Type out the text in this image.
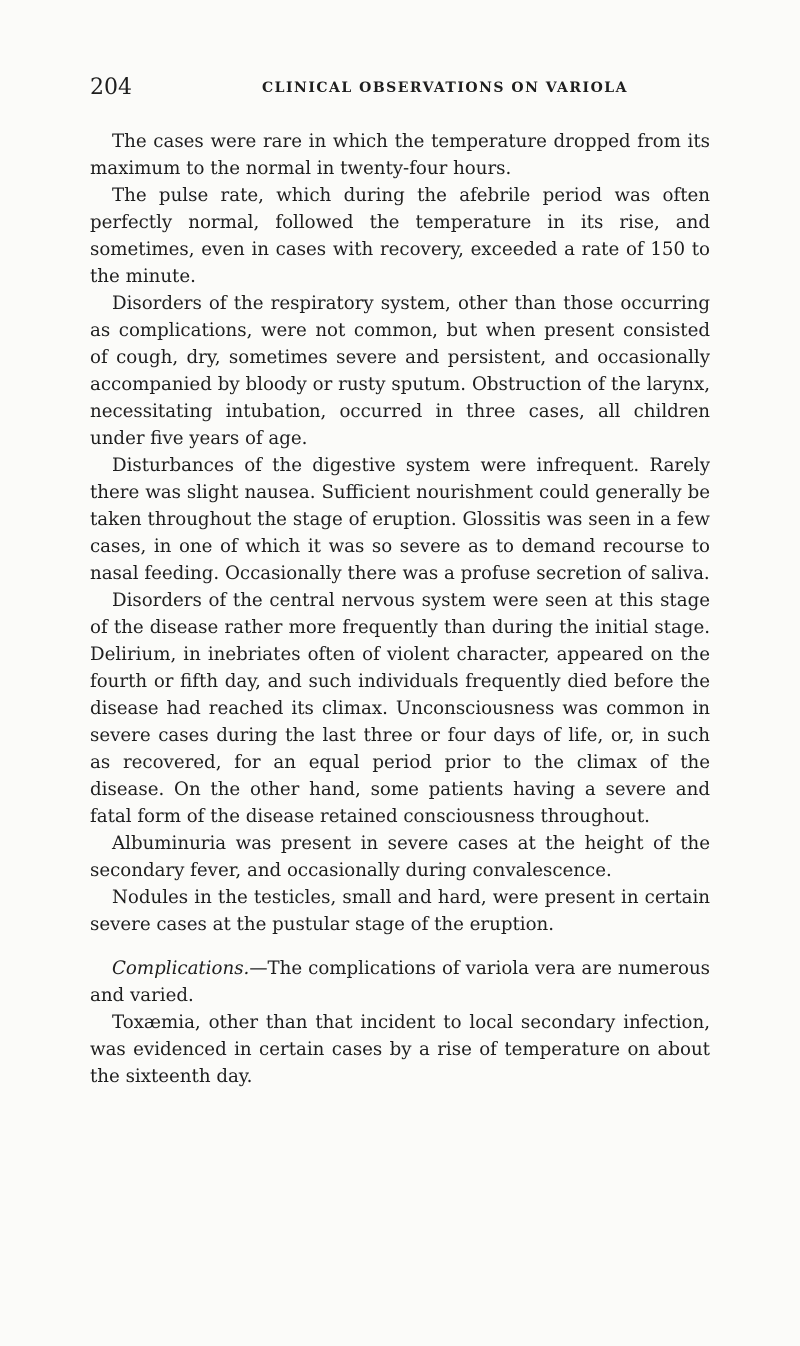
204	CLINICAL OBSERVATIONS ON VARIOLA

The cases were rare in which the temperature dropped from its maximum to the normal in twenty-four hours.

The pulse rate, which during the afebrile period was often perfectly normal, followed the temperature in its rise, and sometimes, even in cases with recovery, exceeded a rate of 150 to the minute.

Disorders of the respiratory system, other than those occurring as complications, were not common, but when present consisted of cough, dry, sometimes severe and persistent, and occasionally accompanied by bloody or rusty sputum. Obstruction of the larynx, necessitating intubation, occurred in three cases, all children under five years of age.

Disturbances of the digestive system were infrequent. Rarely there was slight nausea. Sufficient nourishment could generally be taken throughout the stage of eruption. Glossitis was seen in a few cases, in one of which it was so severe as to demand recourse to nasal feeding. Occasionally there was a profuse secretion of saliva.

Disorders of the central nervous system were seen at this stage of the disease rather more frequently than during the initial stage. Delirium, in inebriates often of violent character, appeared on the fourth or fifth day, and such individuals frequently died before the disease had reached its climax. Unconsciousness was common in severe cases during the last three or four days of life, or, in such as recovered, for an equal period prior to the climax of the disease. On the other hand, some patients having a severe and fatal form of the disease retained consciousness throughout.

Albuminuria was present in severe cases at the height of the secondary fever, and occasionally during convalescence.

Nodules in the testicles, small and hard, were present in certain severe cases at the pustular stage of the eruption.

Complications.—The complications of variola vera are numerous and varied.

Toxæmia, other than that incident to local secondary infection, was evidenced in certain cases by a rise of temperature on about the sixteenth day.
